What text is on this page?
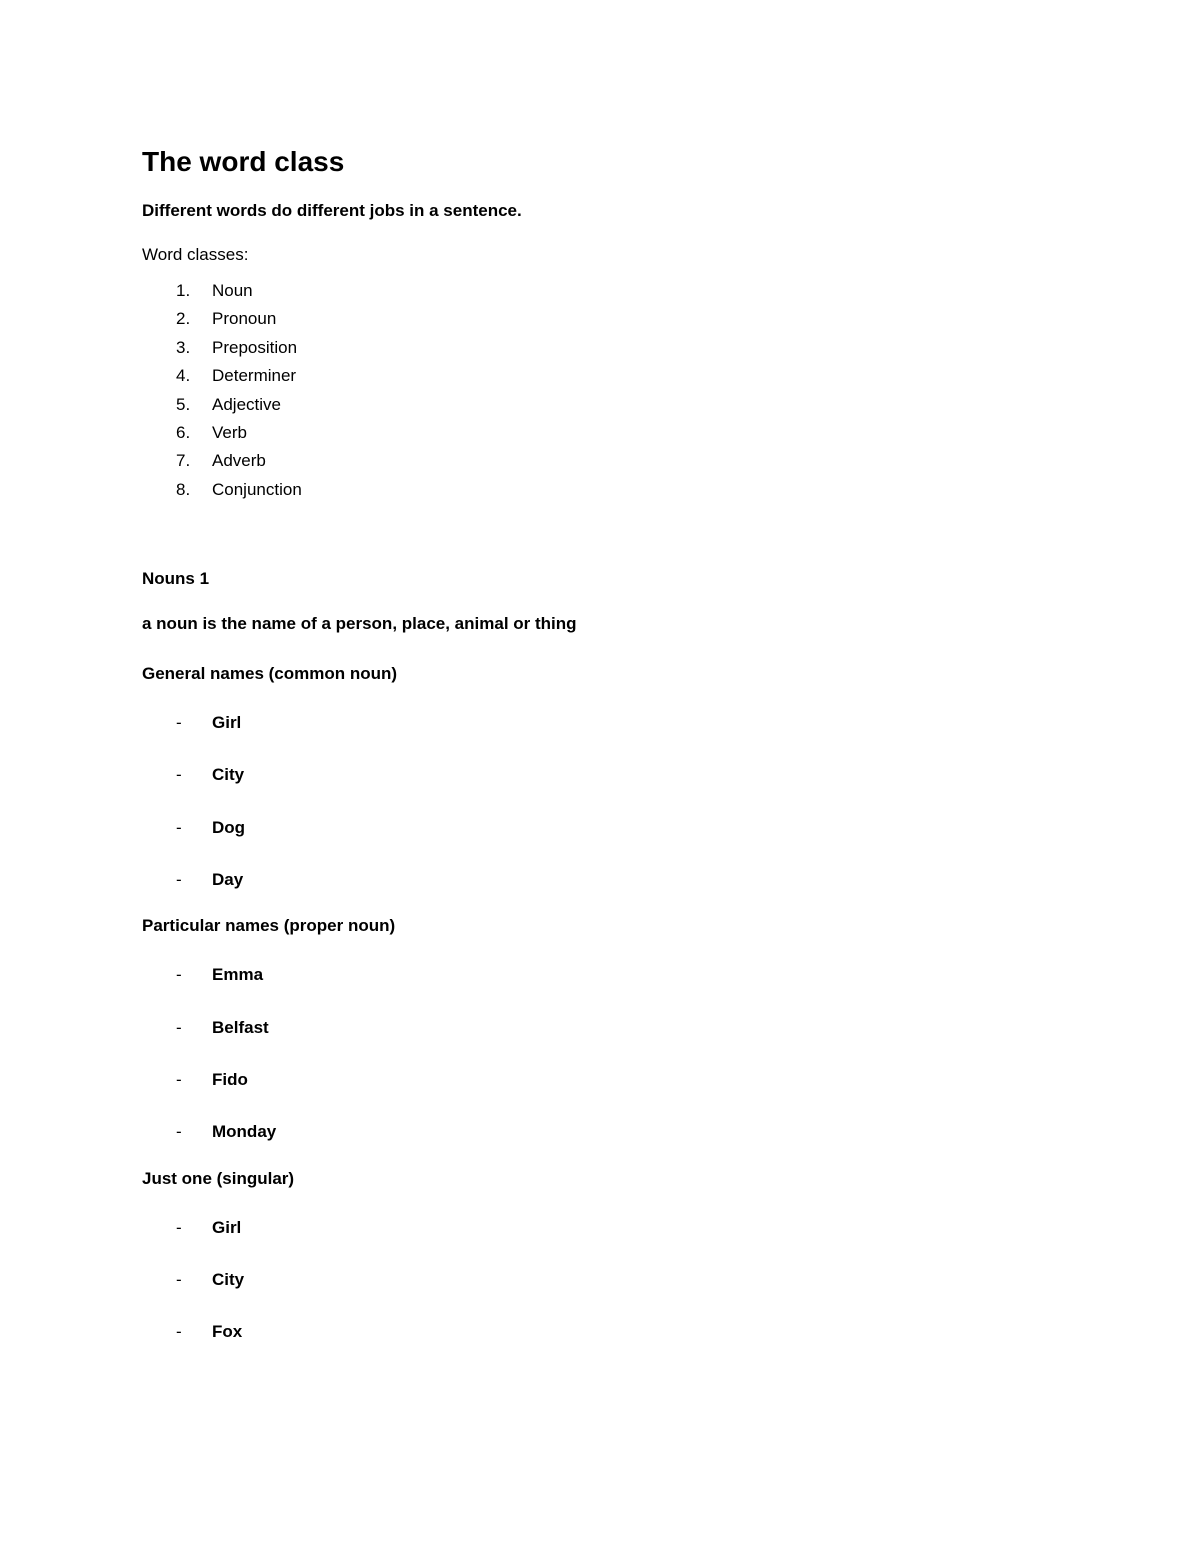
The word class

Different words do different jobs in a sentence.

Word classes:

1. Noun
2. Pronoun
3. Preposition
4. Determiner
5. Adjective
6. Verb
7. Adverb
8. Conjunction

Nouns 1

a noun is the name of a person, place, animal or thing

General names (common noun)

- Girl
- City
- Dog
- Day

Particular names (proper noun)

- Emma
- Belfast
- Fido
- Monday

Just one (singular)

- Girl
- City
- Fox
